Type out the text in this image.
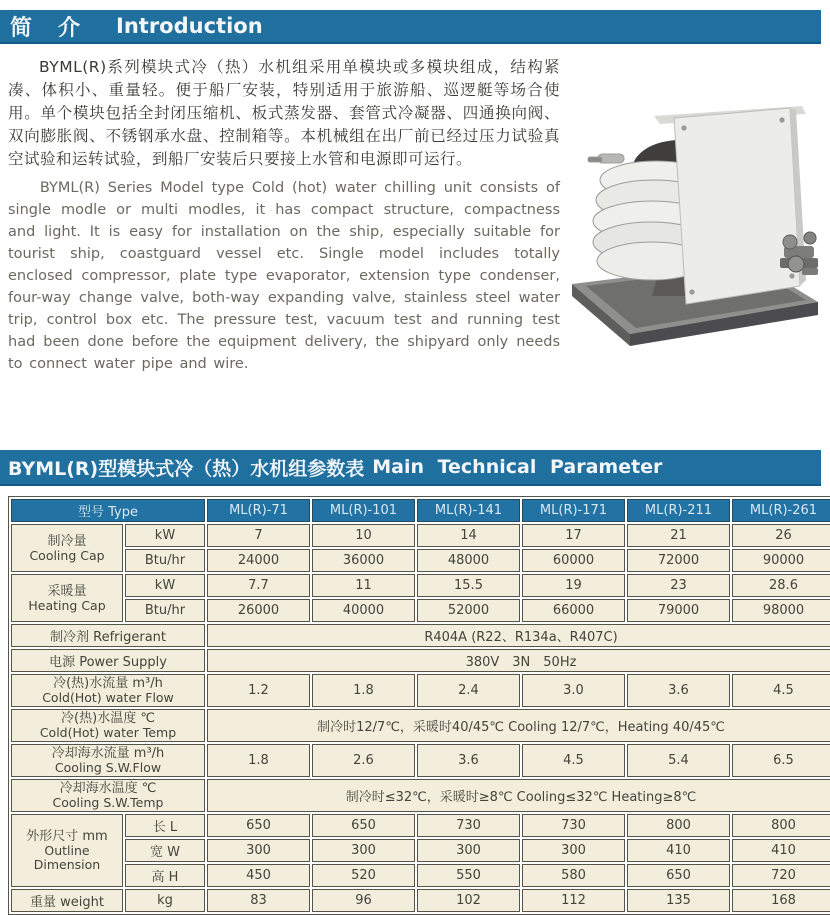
简　介 Introduction

BYML(R)系列模块式冷（热）水机组采用单模块或多模块组成，结构紧凑、体积小、重量轻。便于船厂安装，特别适用于旅游船、巡逻艇等场合使用。单个模块包括全封闭压缩机、板式蒸发器、套管式冷凝器、四通换向阀、双向膨胀阀、不锈钢承水盘、控制箱等。本机械组在出厂前已经过压力试验真空试验和运转试验，到船厂安装后只要接上水管和电源即可运行。

BYML(R) Series Model type Cold (hot) water chilling unit consists of single modle or multi modles, it has compact structure, compactness and light. It is easy for installation on the ship, especially suitable for tourist ship, coastguard vessel etc. Single model includes totally enclosed compressor, plate type evaporator, extension type condenser, four-way change valve, both-way expanding valve, stainless steel water trip, control box etc. The pressure test, vacuum test and running test had been done before the equipment delivery, the shipyard only needs to connect water pipe and wire.

BYML(R)型模块式冷（热）水机组参数表 Main Technical Parameter
型号 Type		ML(R)-71	ML(R)-101	ML(R)-141	ML(R)-171	ML(R)-211	ML(R)-261

制冷量
Cooling Cap	kW	7	10	14	17	21	26
	Btu/hr	24000	36000	48000	60000	72000	90000

采暖量
Heating Cap	kW	7.7	11	15.5	19	23	28.6
	Btu/hr	26000	40000	52000	66000	79000	98000
制冷剂 Refrigerant		R404A (R22、R134a、R407C)					
电源 Power Supply		380V　3N　50Hz					

冷(热)水流量 m³/h
Cold(Hot) water Flow		1.2	1.8	2.4	3.0	3.6	4.5

冷(热)水温度 ℃
Cold(Hot) water Temp		制冷时12/7℃，采暖时40/45℃ Cooling 12/7℃，Heating 40/45℃					

冷却海水流量 m³/h
Cooling S.W.Flow		1.8	2.6	3.6	4.5	5.4	6.5

冷却海水温度 ℃
Cooling S.W.Temp		制冷时≤32℃，采暖时≥8℃ Cooling≤32℃ Heating≥8℃					

外形尺寸 mm
Outline Dimension	长 L	650	650	730	730	800	800
	宽 W	300	300	300	300	410	410
	高 H	450	520	550	580	650	720
重量 weight	kg	83	96	102	112	135	168
